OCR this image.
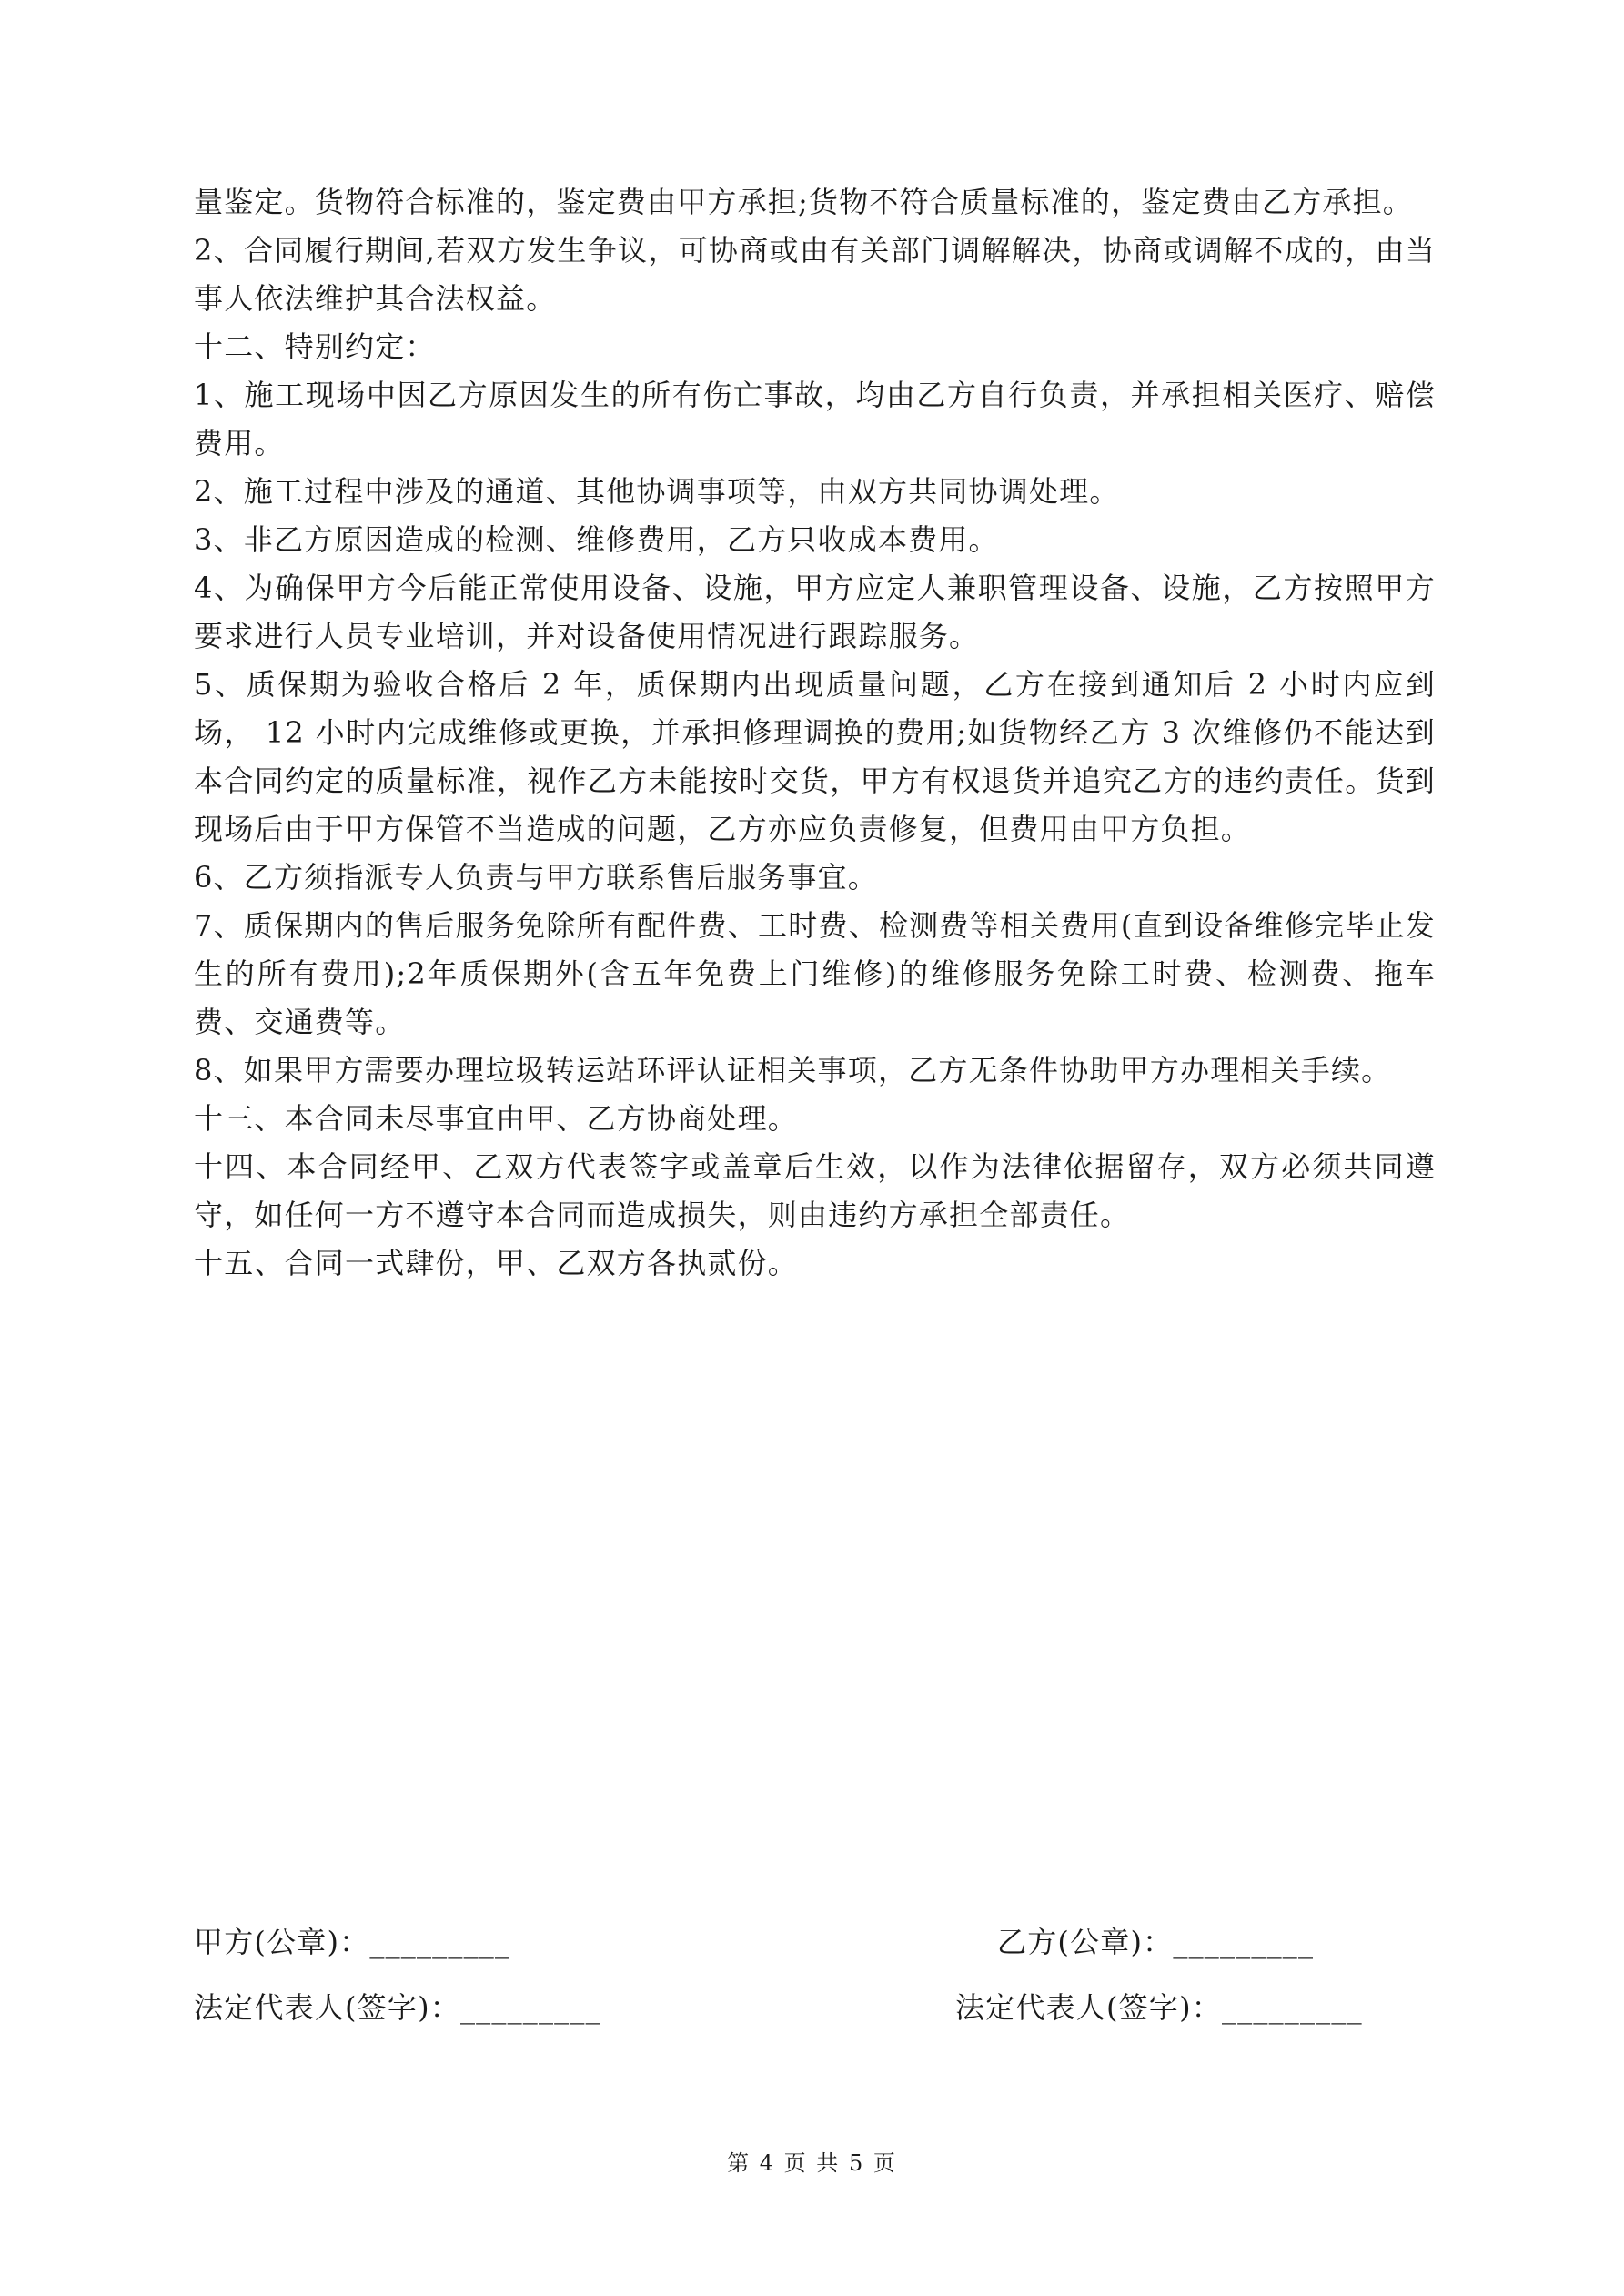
量鉴定。货物符合标准的，鉴定费由甲方承担;货物不符合质量标准的，鉴定费由乙方承担。

2、合同履行期间,若双方发生争议，可协商或由有关部门调解解决，协商或调解不成的，由当事人依法维护其合法权益。

十二、特别约定：

1、施工现场中因乙方原因发生的所有伤亡事故，均由乙方自行负责，并承担相关医疗、赔偿费用。

2、施工过程中涉及的通道、其他协调事项等，由双方共同协调处理。

3、非乙方原因造成的检测、维修费用，乙方只收成本费用。

4、为确保甲方今后能正常使用设备、设施，甲方应定人兼职管理设备、设施，乙方按照甲方要求进行人员专业培训，并对设备使用情况进行跟踪服务。

5、质保期为验收合格后 2 年，质保期内出现质量问题，乙方在接到通知后 2 小时内应到场， 12 小时内完成维修或更换，并承担修理调换的费用;如货物经乙方 3 次维修仍不能达到本合同约定的质量标准，视作乙方未能按时交货，甲方有权退货并追究乙方的违约责任。货到现场后由于甲方保管不当造成的问题，乙方亦应负责修复，但费用由甲方负担。

6、乙方须指派专人负责与甲方联系售后服务事宜。

7、质保期内的售后服务免除所有配件费、工时费、检测费等相关费用(直到设备维修完毕止发生的所有费用);2年质保期外(含五年免费上门维修)的维修服务免除工时费、检测费、拖车费、交通费等。

8、如果甲方需要办理垃圾转运站环评认证相关事项，乙方无条件协助甲方办理相关手续。

十三、本合同未尽事宜由甲、乙方协商处理。

十四、本合同经甲、乙双方代表签字或盖章后生效，以作为法律依据留存，双方必须共同遵守，如任何一方不遵守本合同而造成损失，则由违约方承担全部责任。

十五、合同一式肆份，甲、乙双方各执贰份。

甲方(公章)：_________	乙方(公章)：_________
法定代表人(签字)：_________	法定代表人(签字)：_________
第 4 页 共 5 页
